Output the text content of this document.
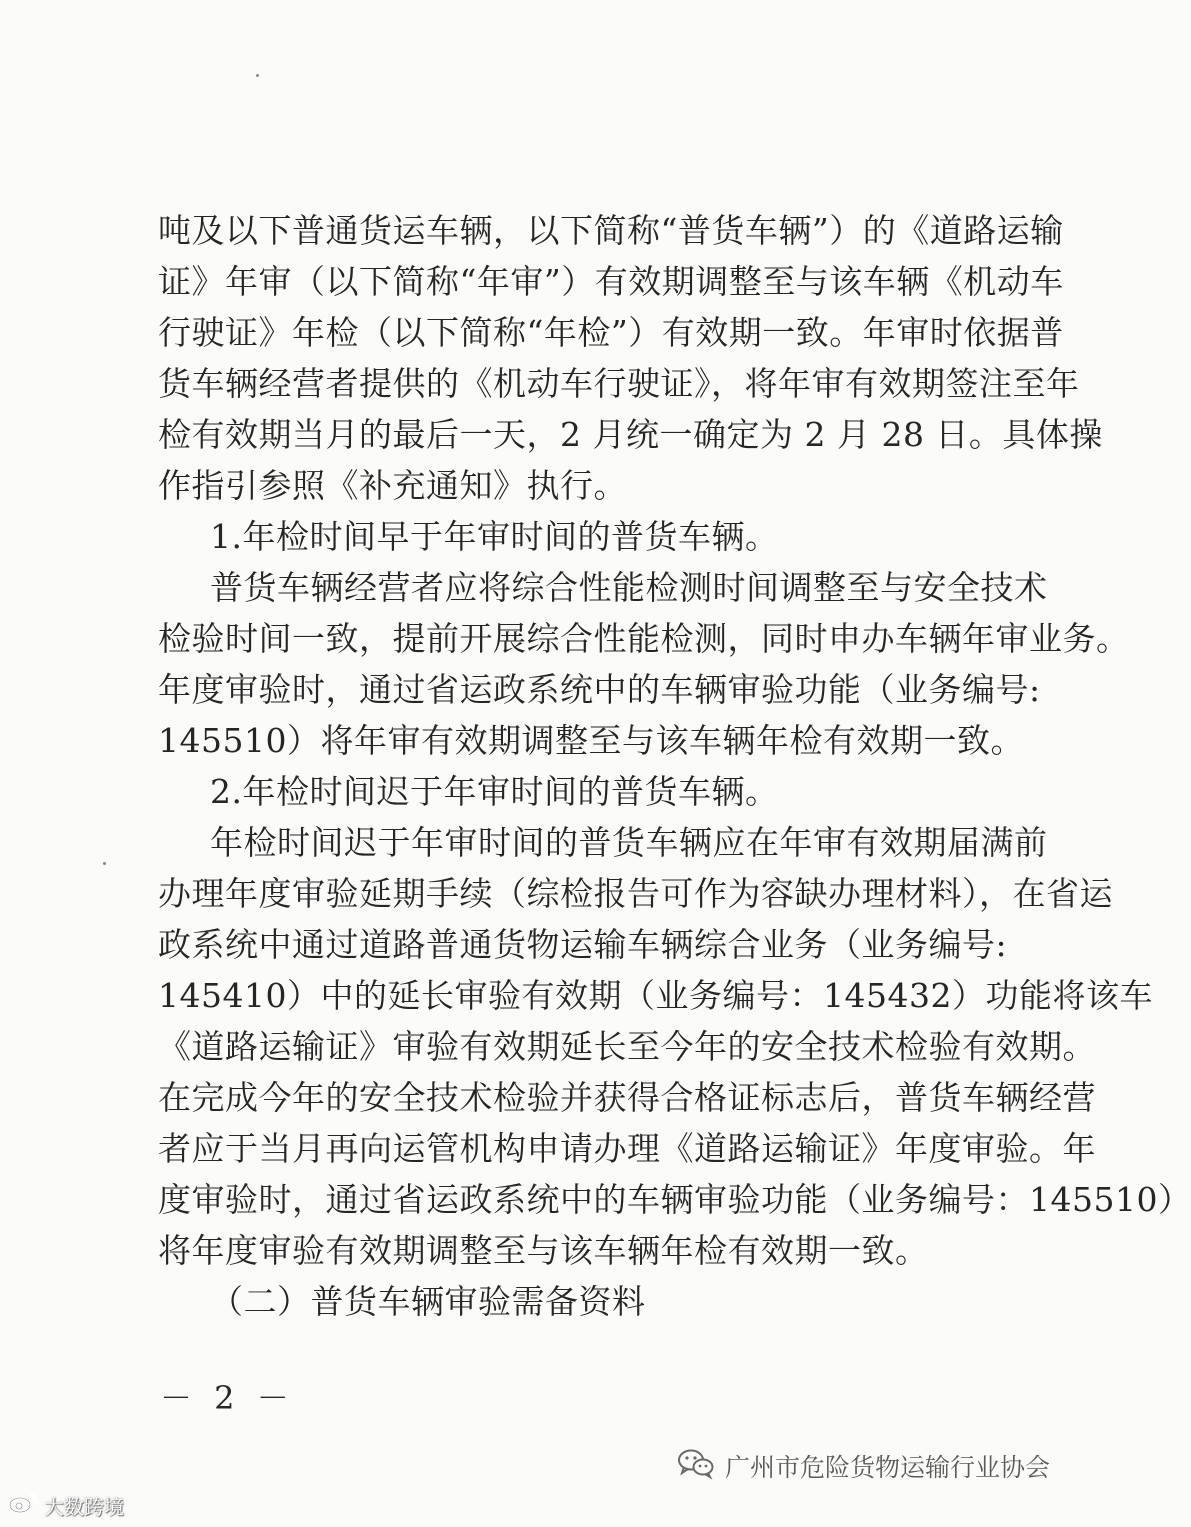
吨及以下普通货运车辆，以下简称“普货车辆”）的《道路运输
证》年审（以下简称“年审”）有效期调整至与该车辆《机动车
行驶证》年检（以下简称“年检”）有效期一致。年审时依据普
货车辆经营者提供的《机动车行驶证》，将年审有效期签注至年
检有效期当月的最后一天，2 月统一确定为 2 月 28 日。具体操
作指引参照《补充通知》执行。
1.年检时间早于年审时间的普货车辆。
普货车辆经营者应将综合性能检测时间调整至与安全技术
检验时间一致，提前开展综合性能检测，同时申办车辆年审业务。
年度审验时，通过省运政系统中的车辆审验功能（业务编号:
145510）将年审有效期调整至与该车辆年检有效期一致。
2.年检时间迟于年审时间的普货车辆。
年检时间迟于年审时间的普货车辆应在年审有效期届满前
办理年度审验延期手续（综检报告可作为容缺办理材料），在省运
政系统中通过道路普通货物运输车辆综合业务（业务编号:
145410）中的延长审验有效期（业务编号：145432）功能将该车
《道路运输证》审验有效期延长至今年的安全技术检验有效期。
在完成今年的安全技术检验并获得合格证标志后，普货车辆经营
者应于当月再向运管机构申请办理《道路运输证》年度审验。年
度审验时，通过省运政系统中的车辆审验功能（业务编号：145510）
将年度审验有效期调整至与该车辆年检有效期一致。
（二）普货车辆审验需备资料
－ 2 －
大数跨境
广州市危险货物运输行业协会
